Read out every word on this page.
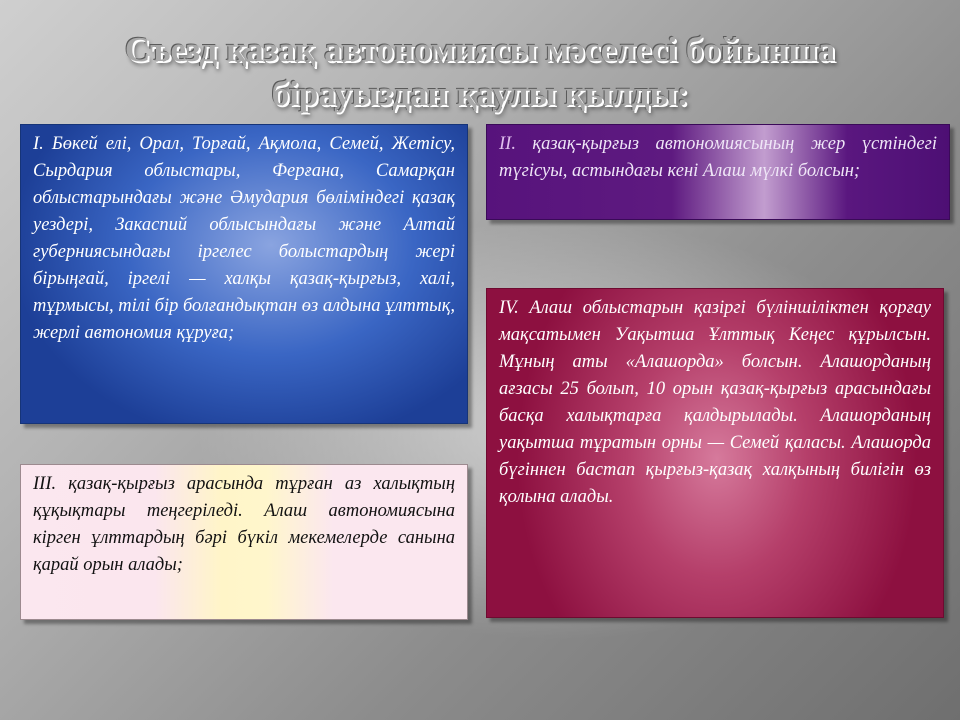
Съезд қазақ автономиясы мәселесі бойынша
бірауыздан қаулы қылды:
І. Бөкей елі, Орал, Торғай, Ақмола, Семей, Жетісу, Сырдария облыстары, Ферғана, Самарқан облыстарындағы және Әмудария бөліміндегі қазақ уездері, Закаспий облысындағы және Алтай губерниясындағы іргелес болыстардың жері бірыңғай, іргелі — халқы қазақ-қырғыз, халі, тұрмысы, тілі бір болғандықтан өз алдына ұлттық, жерлі автономия құруға;
ІІ. қазақ-қырғыз автономиясының жер үстіндегі түгісуы, астындағы кені Алаш мүлкі болсын;
ІІІ. қазақ-қырғыз арасында тұрған аз халықтың құқықтары теңгеріледі. Алаш автономиясына кірген ұлттардың бәрі бүкіл мекемелерде санына қарай орын алады;
ІV. Алаш облыстарын қазіргі бүліншіліктен қорғау мақсатымен Уақытша Ұлттық Кеңес құрылсын. Мұның аты «Алашорда» болсын. Алашорданың ағзасы 25 болып, 10 орын қазақ-қырғыз арасындағы басқа халықтарға қалдырылады. Алашорданың уақытша тұратын орны — Семей қаласы. Алашорда бүгіннен бастап қырғыз-қазақ халқының билігін өз қолына алады.
